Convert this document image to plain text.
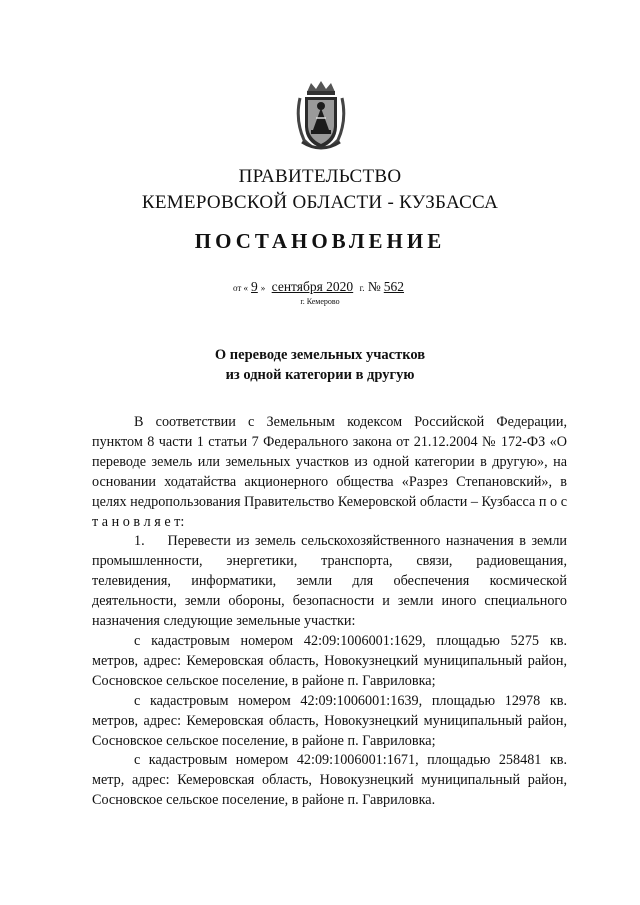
ПРАВИТЕЛЬСТВО
КЕМЕРОВСКОЙ ОБЛАСТИ - КУЗБАССА
ПОСТАНОВЛЕНИЕ
от « 9 » сентября 2020 г. № 562
г. Кемерово
О переводе земельных участков
из одной категории в другую

В соответствии с Земельным кодексом Российской Федерации, пунктом 8 части 1 статьи 7 Федерального закона от 21.12.2004 № 172-ФЗ «О переводе земель или земельных участков из одной категории в другую», на основании ходатайства акционерного общества «Разрез Степановский», в целях недропользования Правительство Кемеровской области – Кузбасса п о с т а н о в л я е т:

1. Перевести из земель сельскохозяйственного назначения в земли промышленности, энергетики, транспорта, связи, радиовещания, телевидения, информатики, земли для обеспечения космической деятельности, земли обороны, безопасности и земли иного специального назначения следующие земельные участки:

с кадастровым номером 42:09:1006001:1629, площадью 5275 кв. метров, адрес: Кемеровская область, Новокузнецкий муниципальный район, Сосновское сельское поселение, в районе п. Гавриловка;

с кадастровым номером 42:09:1006001:1639, площадью 12978 кв. метров, адрес: Кемеровская область, Новокузнецкий муниципальный район, Сосновское сельское поселение, в районе п. Гавриловка;

с кадастровым номером 42:09:1006001:1671, площадью 258481 кв. метр, адрес: Кемеровская область, Новокузнецкий муниципальный район, Сосновское сельское поселение, в районе п. Гавриловка.
